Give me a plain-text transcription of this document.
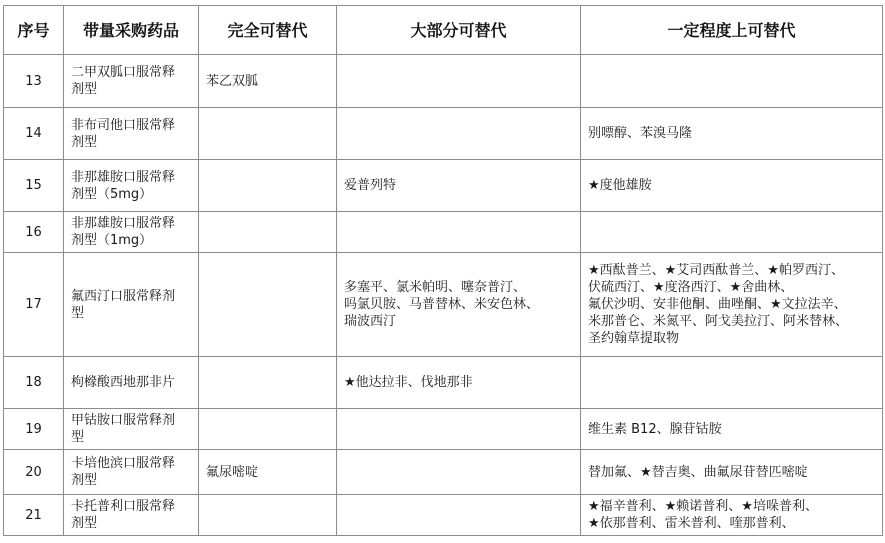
序号	带量采购药品	完全可替代	大部分可替代	一定程度上可替代
13	二甲双胍口服常释
剂型	苯乙双胍		

14	非布司他口服常释
剂型			别嘌醇、苯溴马隆

15	非那雄胺口服常释
剂型（5mg）		爱普列特	★度他雄胺

16	非那雄胺口服常释
剂型（1mg）			

17	氟西汀口服常释剂
型		多塞平、氯米帕明、噻奈普汀、
吗氯贝胺、马普替林、米安色林、
瑞波西汀	★西酞普兰、★艾司西酞普兰、★帕罗西汀、
伏硫西汀、★度洛西汀、★舍曲林、
氟伏沙明、安非他酮、曲唑酮、★文拉法辛、
米那普仑、米氮平、阿戈美拉汀、阿米替林、
圣约翰草提取物

18	枸橼酸西地那非片		★他达拉非、伐地那非	

19	甲钴胺口服常释剂
型			维生素 B12、腺苷钴胺

20	卡培他滨口服常释
剂型	氟尿嘧啶		替加氟、★替吉奥、曲氟尿苷替匹嘧啶

21	卡托普利口服常释
剂型			★福辛普利、★赖诺普利、★培哚普利、
★依那普利、雷米普利、喹那普利、
